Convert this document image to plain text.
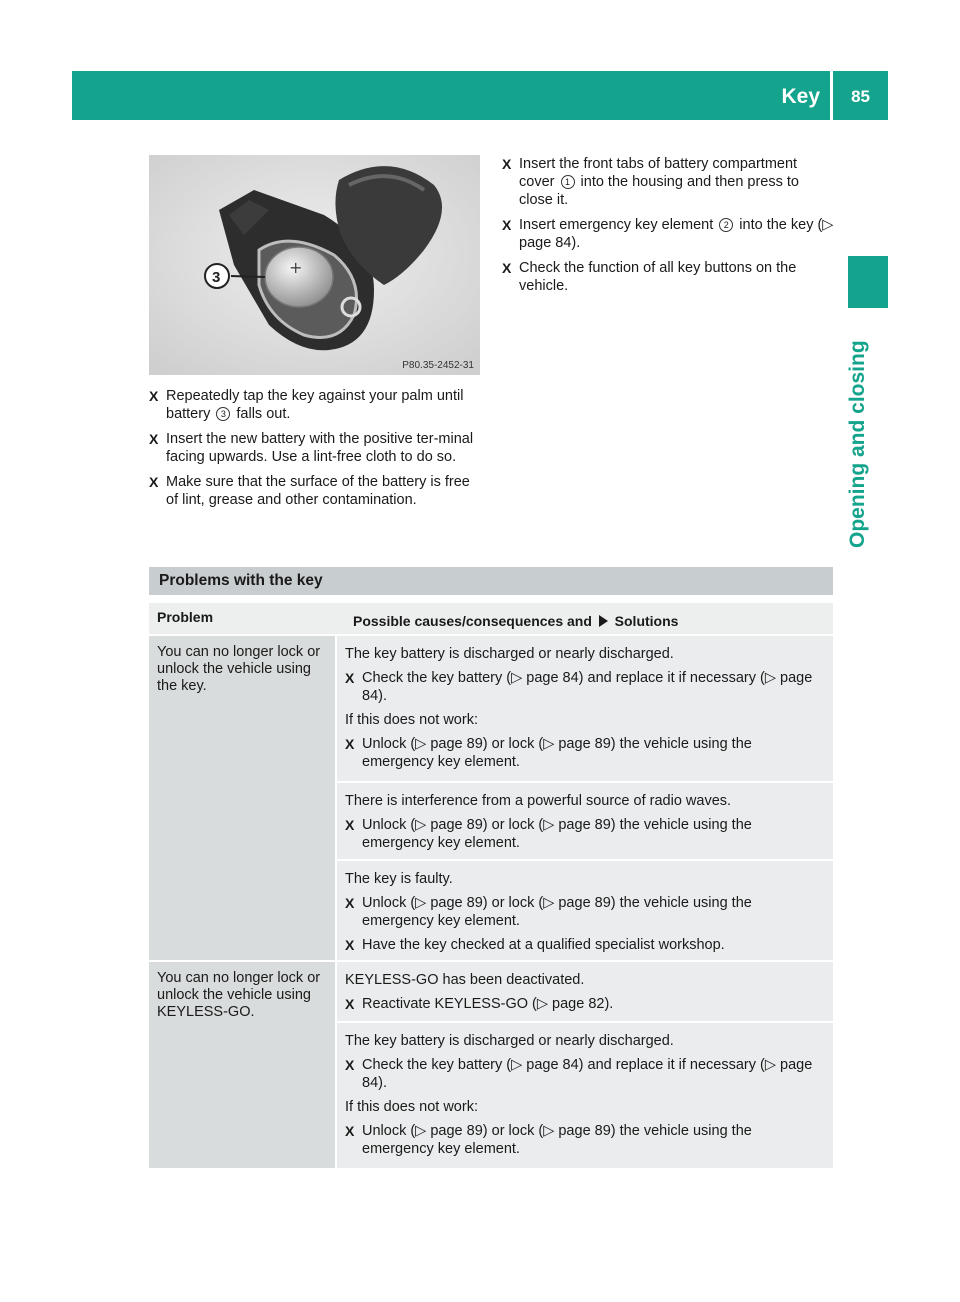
Key 85
Opening and closing
+
3
P80.35-2452-31
X Repeatedly tap the key against your palm until battery 3 falls out.
X Insert the new battery with the positive ter-minal facing upwards. Use a lint-free cloth to do so.
X Make sure that the surface of the battery is free of lint, grease and other contamination.
X Insert the front tabs of battery compartment cover 1 into the housing and then press to close it.
X Insert emergency key element 2 into the key (▷ page 84).
X Check the function of all key buttons on the vehicle.
Problems with the key
Problem	Possible causes/consequences and Solutions
You can no longer lock or unlock the vehicle using the key.

The key battery is discharged or nearly discharged.

X Check the key battery (▷ page 84) and replace it if necessary (▷ page 84).

If this does not work:

X Unlock (▷ page 89) or lock (▷ page 89) the vehicle using the emergency key element.

There is interference from a powerful source of radio waves.

X Unlock (▷ page 89) or lock (▷ page 89) the vehicle using the emergency key element.

The key is faulty.

X Unlock (▷ page 89) or lock (▷ page 89) the vehicle using the emergency key element.
X Have the key checked at a qualified specialist workshop.
You can no longer lock or unlock the vehicle using KEYLESS-GO.

KEYLESS-GO has been deactivated.

X Reactivate KEYLESS-GO (▷ page 82).

The key battery is discharged or nearly discharged.

X Check the key battery (▷ page 84) and replace it if necessary (▷ page 84).

If this does not work:

X Unlock (▷ page 89) or lock (▷ page 89) the vehicle using the emergency key element.
